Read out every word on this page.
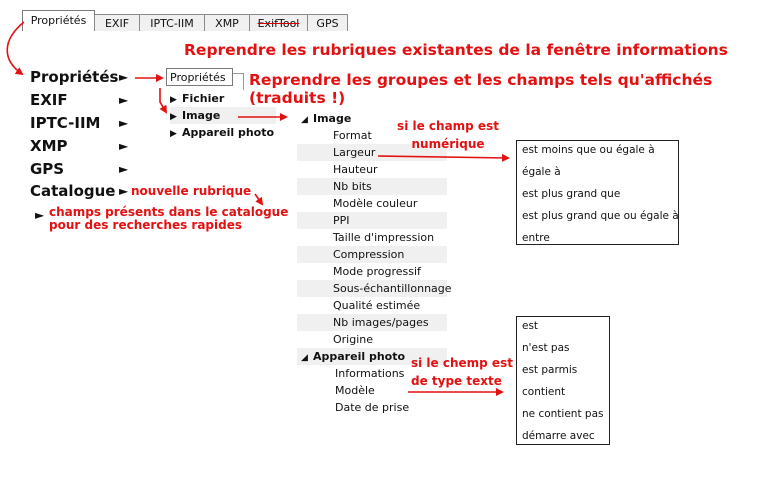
Propriétés	EXIF	IPTC-IIM	XMP	ExifTool	GPS
Reprendre les rubriques existantes de la fenêtre informations
Reprendre les groupes et les champs tels qu'affichés (traduits !)
Propriétés
EXIF
IPTC-IIM
XMP
GPS
Catalogue
►
►
►
►
►
► nouvelle rubrique
► champs présents dans le catalogue pour des recherches rapides
Propriétés
▶ Fichier
▶ Image
▶ Appareil photo
◢ Image
Format
Largeur
Hauteur
Nb bits
Modèle couleur
PPI
Taille d'impression
Compression
Mode progressif
Sous-échantillonnage
Qualité estimée
Nb images/pages
Origine
◢ Appareil photo
Informations
Modèle
Date de prise
si le champ est numérique	est moins que ou égale à
égale à
est plus grand que
est plus grand que ou égale à
entre
si le chemp est de type texte
est
n'est pas
est parmis
contient
ne contient pas
démarre avec
